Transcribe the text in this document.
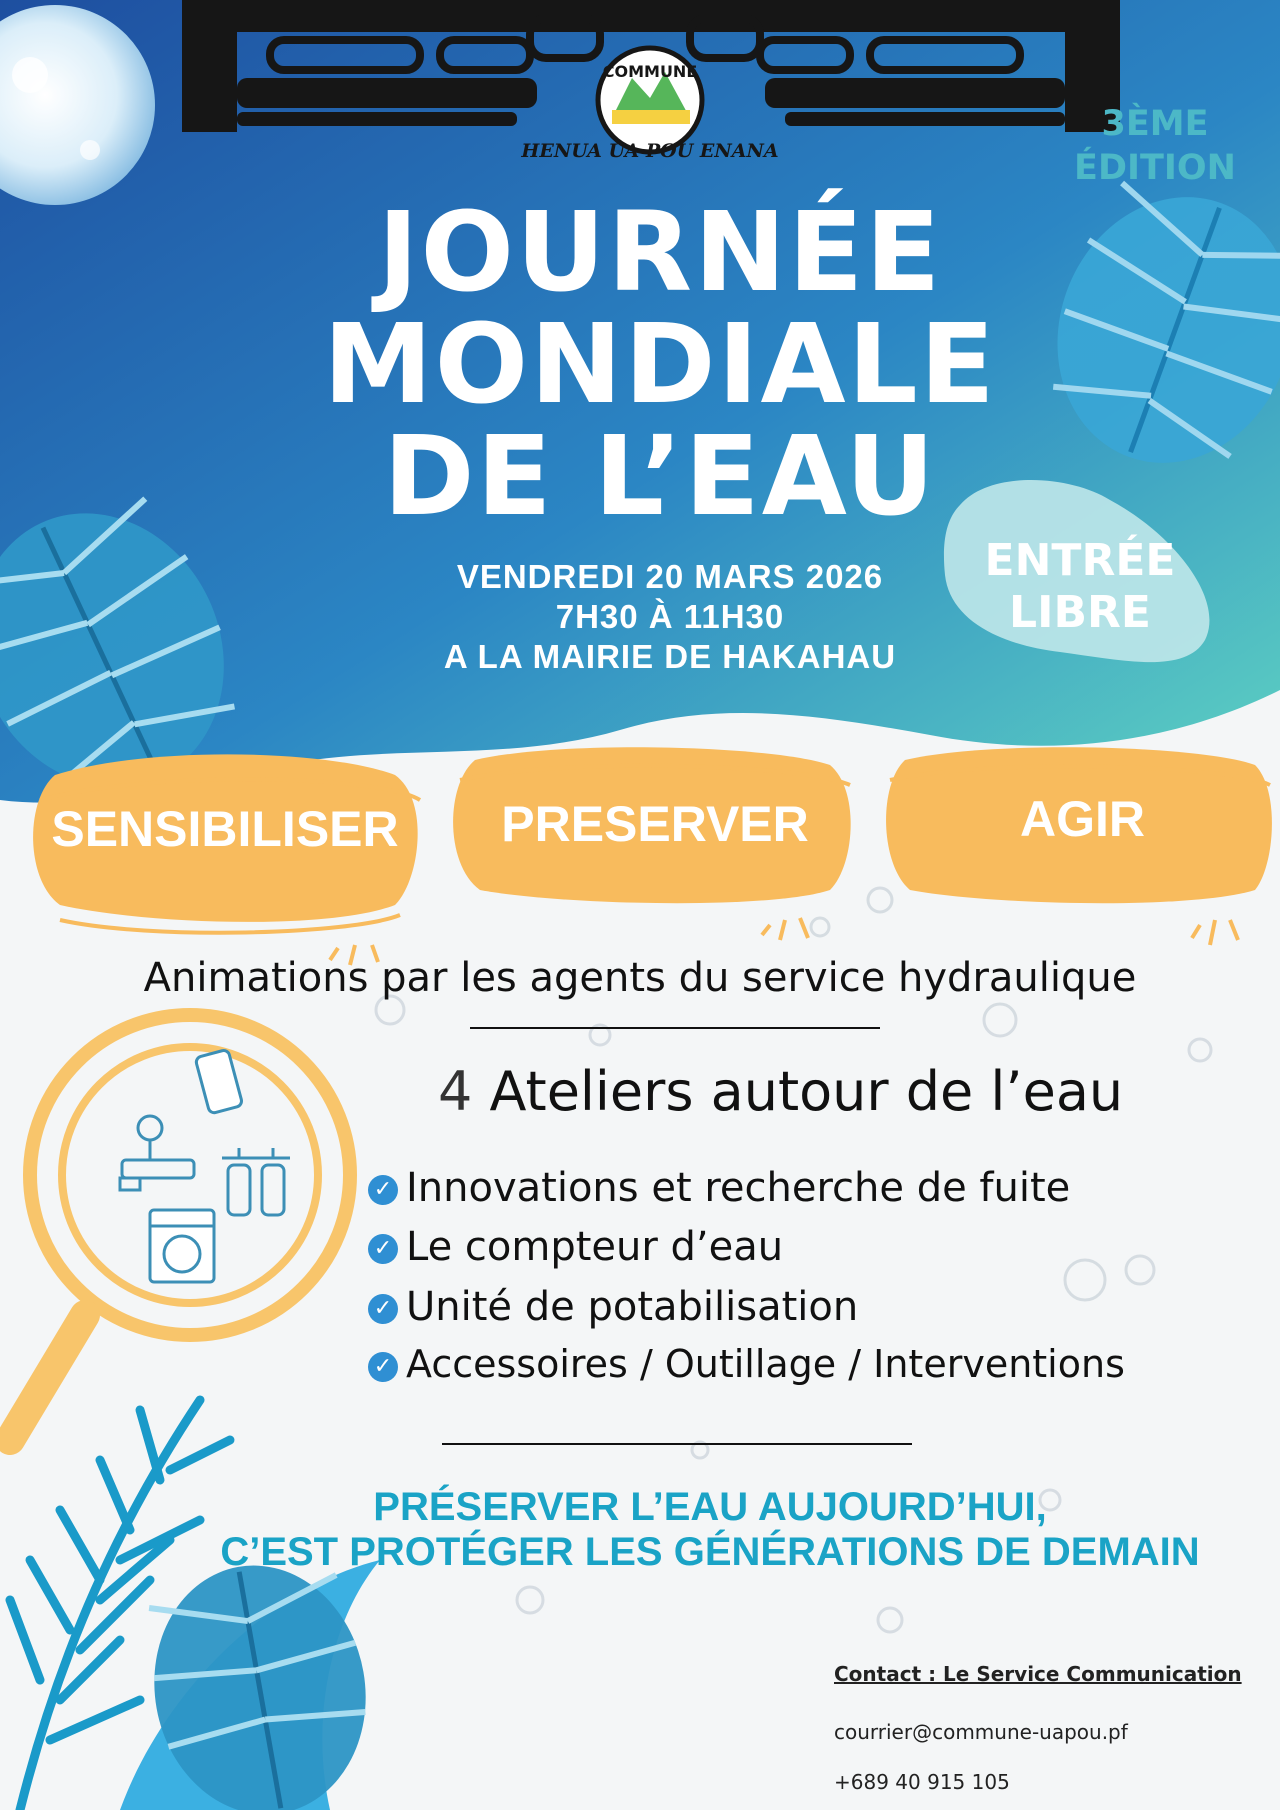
COMMUNE
HENUA UA POU ENANA
3ÈME
ÉDITION
JOURNÉE
MONDIALE
DE L’EAU
ENTRÉE
LIBRE
VENDREDI 20 MARS 2026
7H30 À 11H30
A LA MAIRIE DE HAKAHAU
SENSIBILISER	PRESERVER	AGIR
Animations par les agents du service hydraulique
4 Ateliers autour de l’eau
✓ Innovations et recherche de fuite
✓ Le compteur d’eau
✓ Unité de potabilisation
✓ Accessoires / Outillage / Interventions
PRÉSERVER L’EAU AUJOURD’HUI,
C’EST PROTÉGER LES GÉNÉRATIONS DE DEMAIN
Contact : Le Service Communication
courrier@commune-uapou.pf
+689 40 915 105
